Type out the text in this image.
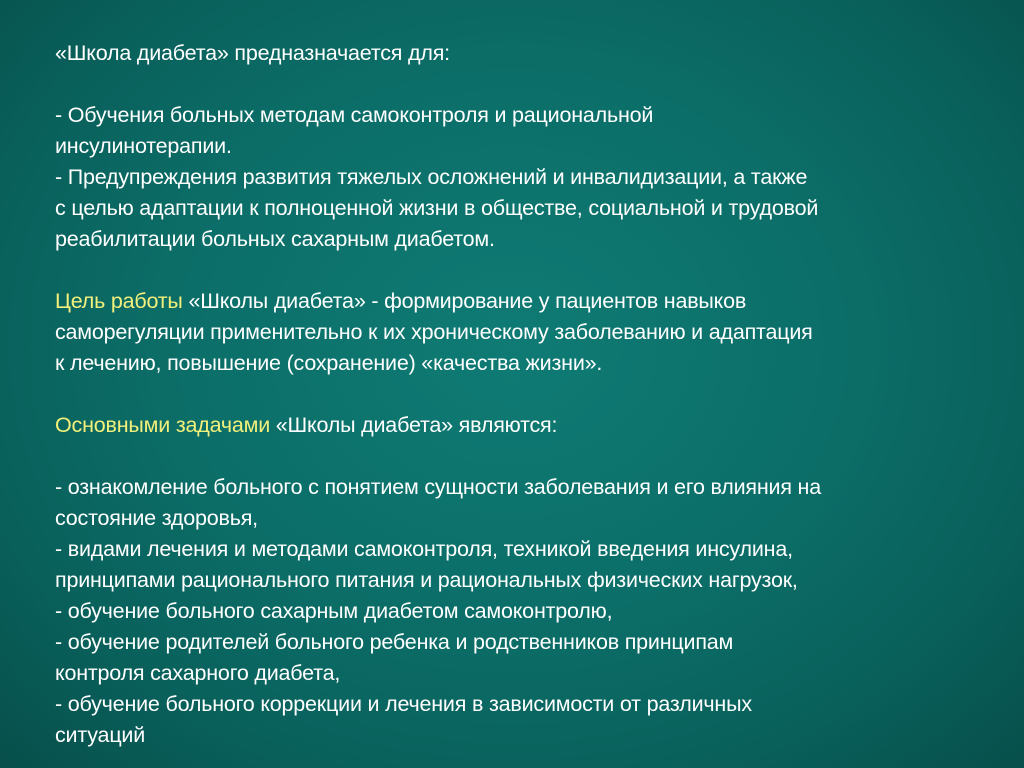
«Школа диабета» предназначается для:
- Обучения больных методам самоконтроля и рациональной
инсулинотерапии.
- Предупреждения развития тяжелых осложнений и инвалидизации, а также
с целью адаптации к полноценной жизни в обществе, социальной и трудовой
реабилитации больных сахарным диабетом.
Цель работы «Школы диабета» - формирование у пациентов навыков
саморегуляции применительно к их хроническому заболеванию и адаптация
к лечению, повышение (сохранение) «качества жизни».
Основными задачами «Школы диабета» являются:
- ознакомление больного с понятием сущности заболевания и его влияния на
состояние здоровья,
- видами лечения и методами самоконтроля, техникой введения инсулина,
принципами рационального питания и рациональных физических нагрузок,
- обучение больного сахарным диабетом самоконтролю,
- обучение родителей больного ребенка и родственников принципам
контроля сахарного диабета,
- обучение больного коррекции и лечения в зависимости от различных
ситуаций
